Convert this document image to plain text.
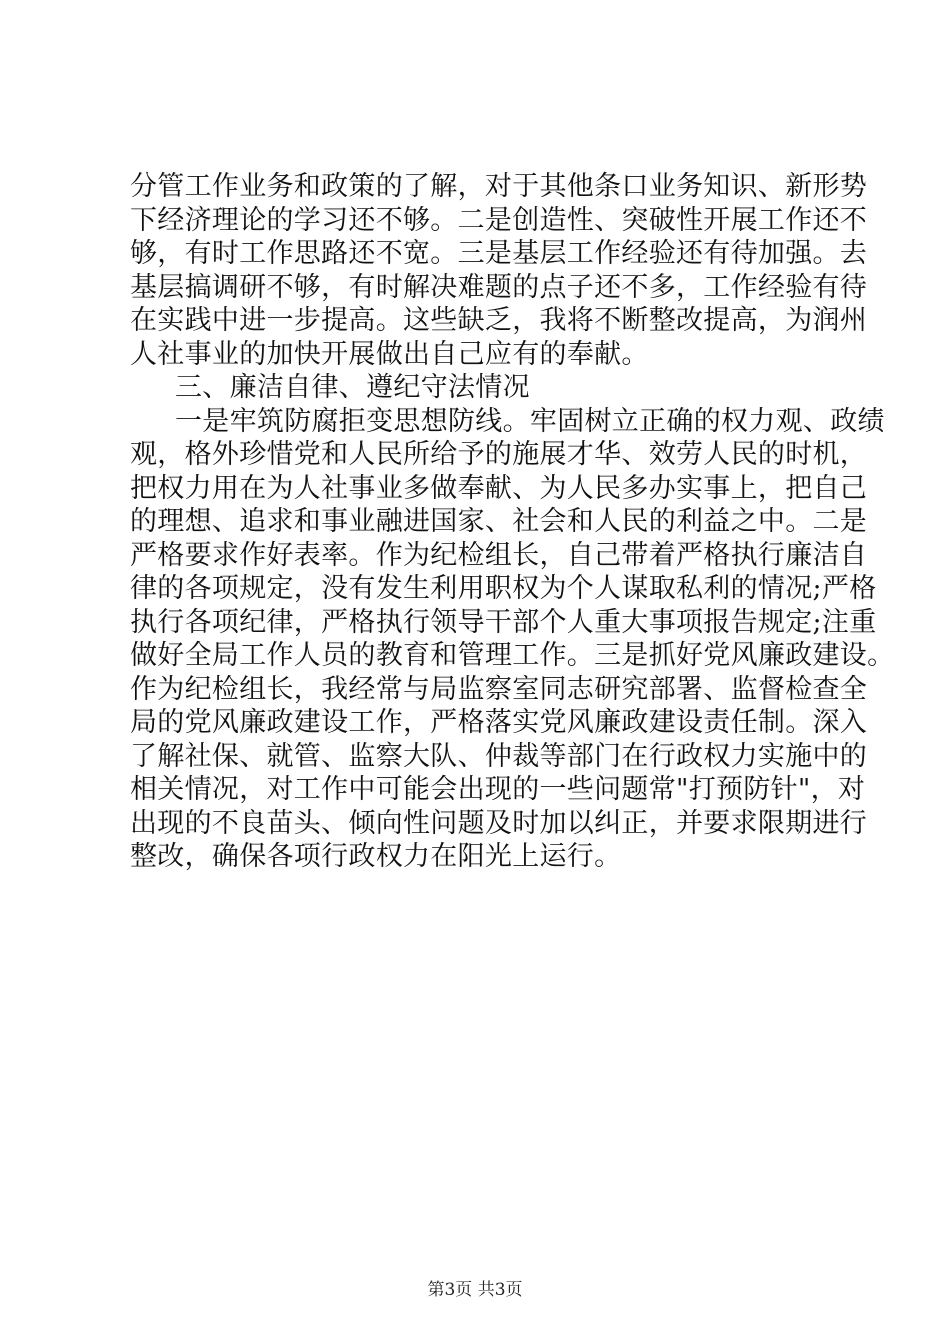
分管工作业务和政策的了解，对于其他条口业务知识、新形势
下经济理论的学习还不够。二是创造性、突破性开展工作还不
够，有时工作思路还不宽。三是基层工作经验还有待加强。去
基层搞调研不够，有时解决难题的点子还不多，工作经验有待
在实践中进一步提高。这些缺乏，我将不断整改提高，为润州
人社事业的加快开展做出自己应有的奉献。
三、廉洁自律、遵纪守法情况
一是牢筑防腐拒变思想防线。牢固树立正确的权力观、政绩
观，格外珍惜党和人民所给予的施展才华、效劳人民的时机，
把权力用在为人社事业多做奉献、为人民多办实事上，把自己
的理想、追求和事业融进国家、社会和人民的利益之中。二是
严格要求作好表率。作为纪检组长，自己带着严格执行廉洁自
律的各项规定，没有发生利用职权为个人谋取私利的情况;严格
执行各项纪律，严格执行领导干部个人重大事项报告规定;注重
做好全局工作人员的教育和管理工作。三是抓好党风廉政建设。
作为纪检组长，我经常与局监察室同志研究部署、监督检查全
局的党风廉政建设工作，严格落实党风廉政建设责任制。深入
了解社保、就管、监察大队、仲裁等部门在行政权力实施中的
相关情况，对工作中可能会出现的一些问题常"打预防针"，对
出现的不良苗头、倾向性问题及时加以纠正，并要求限期进行
整改，确保各项行政权力在阳光上运行。
第3页 共3页
